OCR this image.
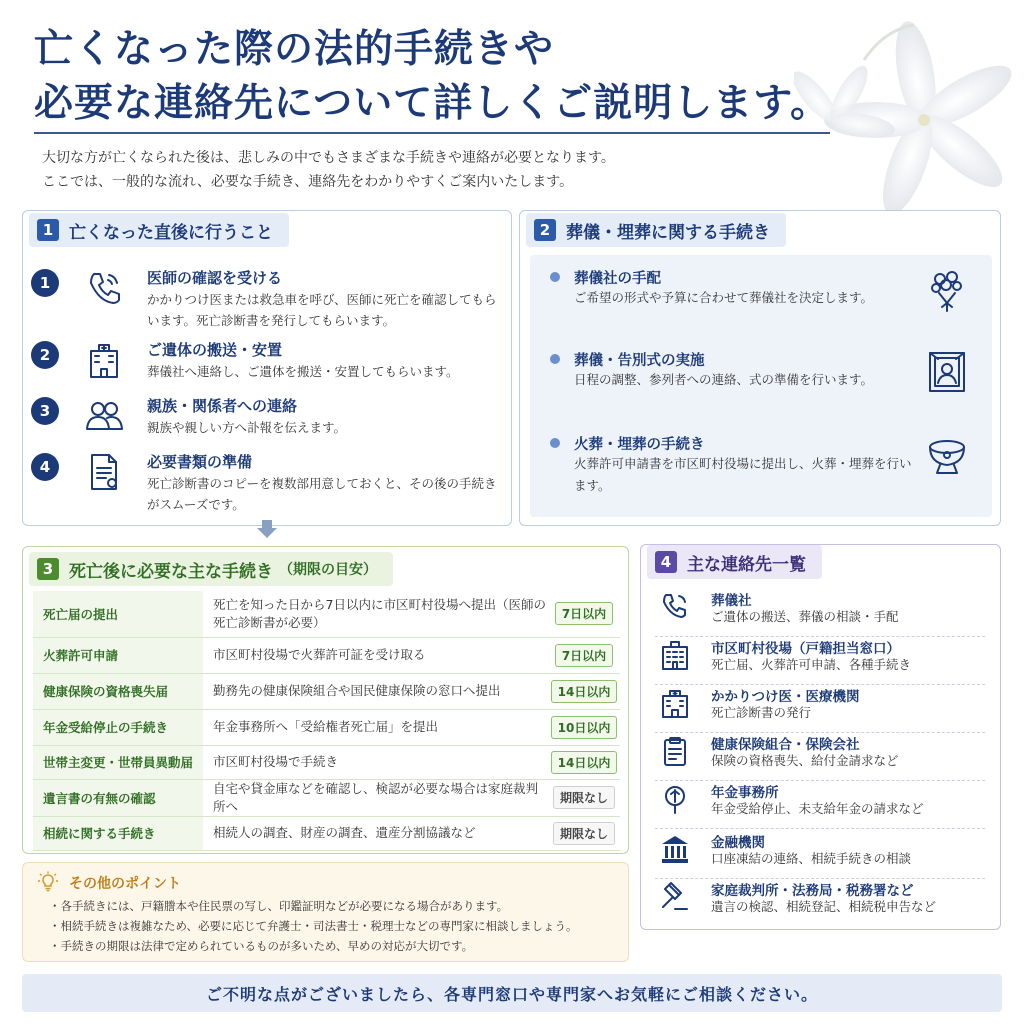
亡くなった際の法的手続きや
必要な連絡先について詳しくご説明します。
大切な方が亡くなられた後は、悲しみの中でもさまざまな手続きや連絡が必要となります。
ここでは、一般的な流れ、必要な手続き、連絡先をわかりやすくご案内いたします。
1 亡くなった直後に行うこと
1	医師の確認を受ける
かかりつけ医または救急車を呼び、医師に死亡を確認してもらいます。死亡診断書を発行してもらいます。
2	ご遺体の搬送・安置
葬儀社へ連絡し、ご遺体を搬送・安置してもらいます。
3	親族・関係者への連絡
親族や親しい方へ訃報を伝えます。
4	必要書類の準備
死亡診断書のコピーを複数部用意しておくと、その後の手続きがスムーズです。
2 葬儀・埋葬に関する手続き
葬儀社の手配
ご希望の形式や予算に合わせて葬儀社を決定します。
葬儀・告別式の実施
日程の調整、参列者への連絡、式の準備を行います。
火葬・埋葬の手続き
火葬許可申請書を市区町村役場に提出し、火葬・埋葬を行います。
3 死亡後に必要な主な手続き （期限の目安）
死亡届の提出	死亡を知った日から7日以内に市区町村役場へ提出（医師の死亡診断書が必要）	7日以内
火葬許可申請	市区町村役場で火葬許可証を受け取る	7日以内
健康保険の資格喪失届	勤務先の健康保険組合や国民健康保険の窓口へ提出	14日以内
年金受給停止の手続き	年金事務所へ「受給権者死亡届」を提出	10日以内
世帯主変更・世帯員異動届	市区町村役場で手続き	14日以内
遺言書の有無の確認	自宅や貸金庫などを確認し、検認が必要な場合は家庭裁判所へ	期限なし
相続に関する手続き	相続人の調査、財産の調査、遺産分割協議など	期限なし
その他のポイント
・ 各手続きには、戸籍謄本や住民票の写し、印鑑証明などが必要になる場合があります。
・ 相続手続きは複雑なため、必要に応じて弁護士・司法書士・税理士などの専門家に相談しましょう。
・ 手続きの期限は法律で定められているものが多いため、早めの対応が大切です。
4 主な連絡先一覧
葬儀社
ご遺体の搬送、葬儀の相談・手配
市区町村役場（戸籍担当窓口）
死亡届、火葬許可申請、各種手続き
かかりつけ医・医療機関
死亡診断書の発行
健康保険組合・保険会社
保険の資格喪失、給付金請求など
年金事務所
年金受給停止、未支給年金の請求など
金融機関
口座凍結の連絡、相続手続きの相談
家庭裁判所・法務局・税務署など
遺言の検認、相続登記、相続税申告など
ご不明な点がございましたら、各専門窓口や専門家へお気軽にご相談ください。
